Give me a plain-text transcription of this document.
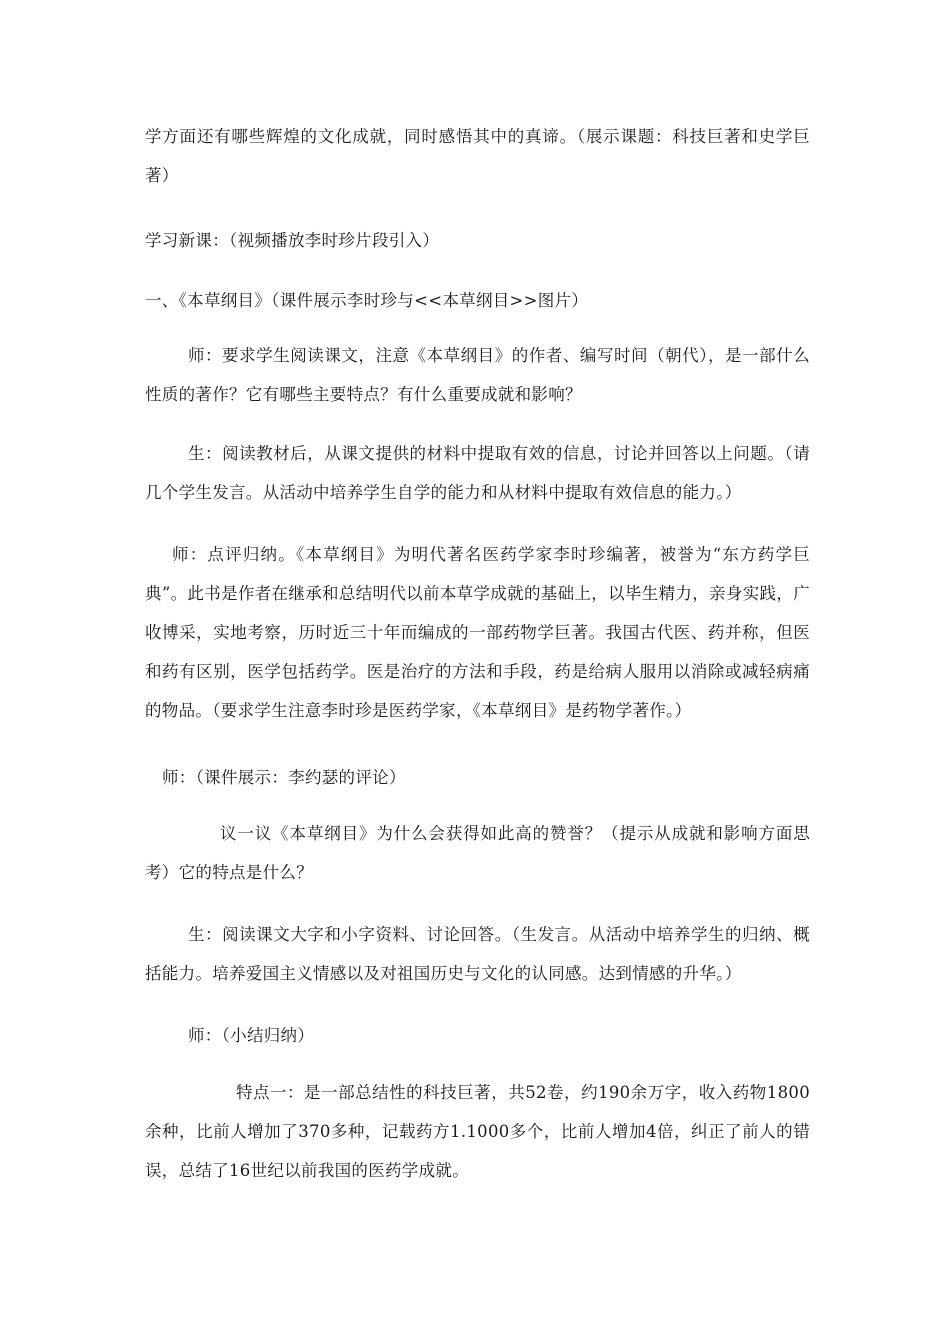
学方面还有哪些辉煌的文化成就，同时感悟其中的真谛。（展示课题：科技巨著和史学巨著）

学习新课：（视频播放李时珍片段引入）

一、《本草纲目》（课件展示李时珍与<<本草纲目>>图片）

师：要求学生阅读课文，注意《本草纲目》的作者、编写时间（朝代），是一部什么性质的著作？它有哪些主要特点？有什么重要成就和影响？

生：阅读教材后，从课文提供的材料中提取有效的信息，讨论并回答以上问题。（请几个学生发言。从活动中培养学生自学的能力和从材料中提取有效信息的能力。）

师：点评归纳。《本草纲目》为明代著名医药学家李时珍编著，被誉为“东方药学巨典”。此书是作者在继承和总结明代以前本草学成就的基础上，以毕生精力，亲身实践，广收博采，实地考察，历时近三十年而编成的一部药物学巨著。我国古代医、药并称，但医和药有区别，医学包括药学。医是治疗的方法和手段，药是给病人服用以消除或减轻病痛的物品。（要求学生注意李时珍是医药学家，《本草纲目》是药物学著作。）

师：（课件展示：李约瑟的评论）

议一议《本草纲目》为什么会获得如此高的赞誉？（提示从成就和影响方面思考）它的特点是什么？

生：阅读课文大字和小字资料、讨论回答。（生发言。从活动中培养学生的归纳、概括能力。培养爱国主义情感以及对祖国历史与文化的认同感。达到情感的升华。）

师：（小结归纳）

特点一：是一部总结性的科技巨著，共52卷，约190余万字，收入药物1800余种，比前人增加了370多种，记载药方1.1000多个，比前人增加4倍，纠正了前人的错误，总结了16世纪以前我国的医药学成就。
